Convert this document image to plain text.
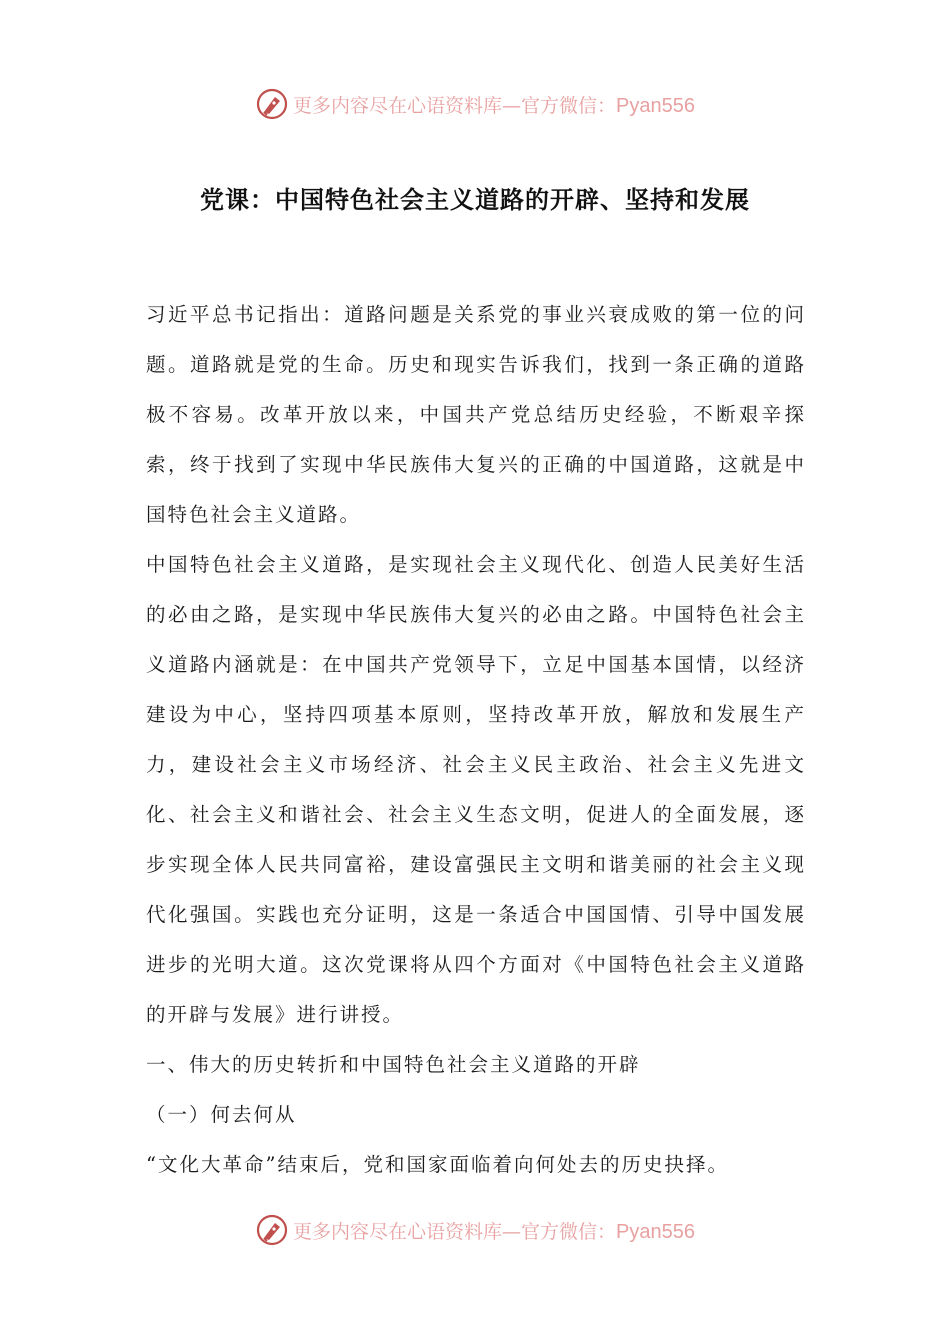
更多内容尽在心语资料库—官方微信：Pyan556
党课：中国特色社会主义道路的开辟、坚持和发展

习近平总书记指出：道路问题是关系党的事业兴衰成败的第一位的问题。道路就是党的生命。历史和现实告诉我们，找到一条正确的道路极不容易。改革开放以来，中国共产党总结历史经验，不断艰辛探索，终于找到了实现中华民族伟大复兴的正确的中国道路，这就是中国特色社会主义道路。

中国特色社会主义道路，是实现社会主义现代化、创造人民美好生活的必由之路，是实现中华民族伟大复兴的必由之路。中国特色社会主义道路内涵就是：在中国共产党领导下，立足中国基本国情，以经济建设为中心，坚持四项基本原则，坚持改革开放，解放和发展生产力，建设社会主义市场经济、社会主义民主政治、社会主义先进文化、社会主义和谐社会、社会主义生态文明，促进人的全面发展，逐步实现全体人民共同富裕，建设富强民主文明和谐美丽的社会主义现代化强国。实践也充分证明，这是一条适合中国国情、引导中国发展进步的光明大道。这次党课将从四个方面对《中国特色社会主义道路的开辟与发展》进行讲授。

一、伟大的历史转折和中国特色社会主义道路的开辟

（一）何去何从

“文化大革命”结束后，党和国家面临着向何处去的历史抉择。

更多内容尽在心语资料库—官方微信：Pyan556
